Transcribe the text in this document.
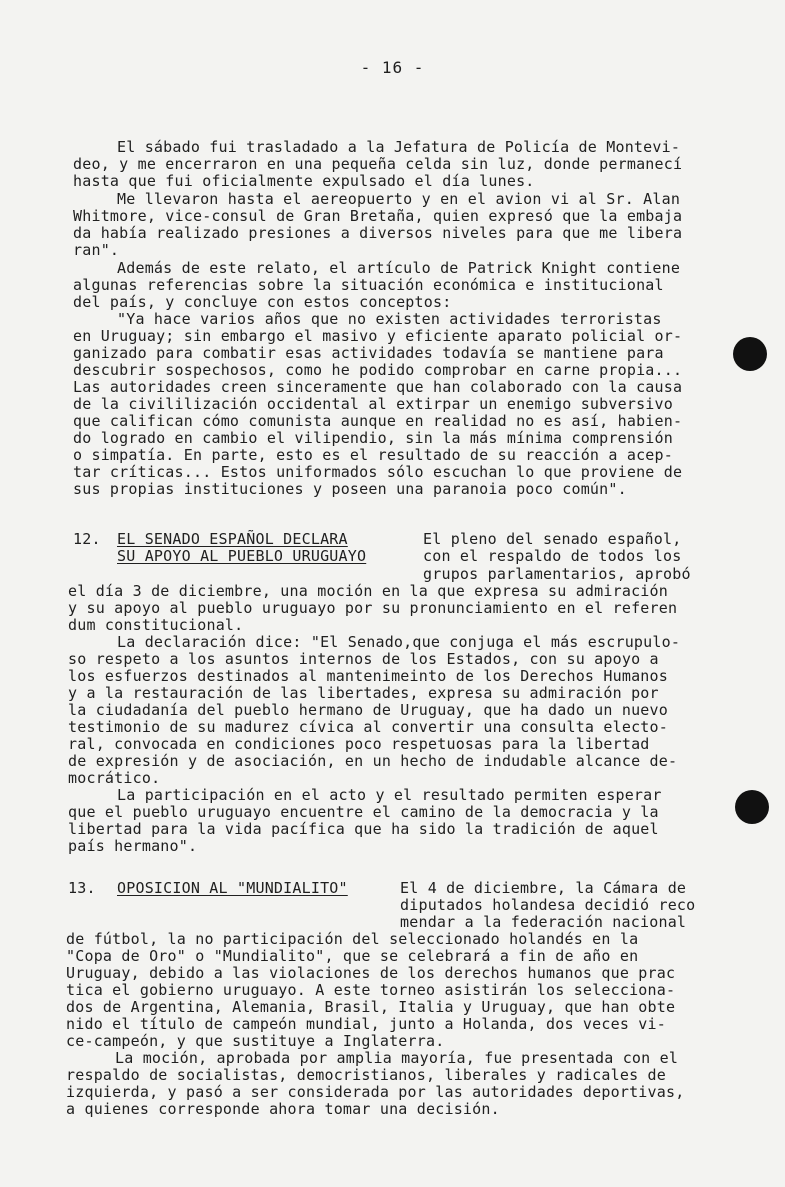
- 16 -
El sábado fui trasladado a la Jefatura de Policía de Montevi-
deo, y me encerraron en una pequeña celda sin luz, donde permanecí
hasta que fui oficialmente expulsado el día lunes.
Me llevaron hasta el aereopuerto y en el avion vi al Sr. Alan
Whitmore, vice-consul de Gran Bretaña, quien expresó que la embaja
da había realizado presiones a diversos niveles para que me libera
ran".
Además de este relato, el artículo de Patrick Knight contiene
algunas referencias sobre la situación económica e institucional
del país, y concluye con estos conceptos:
"Ya hace varios años que no existen actividades terroristas
en Uruguay; sin embargo el masivo y eficiente aparato policial or-
ganizado para combatir esas actividades todavía se mantiene para
descubrir sospechosos, como he podido comprobar en carne propia...
Las autoridades creen sinceramente que han colaborado con la causa
de la civililización occidental al extirpar un enemigo subversivo
que califican cómo comunista aunque en realidad no es así, habien-
do logrado en cambio el vilipendio, sin la más mínima comprensión
o simpatía. En parte, esto es el resultado de su reacción a acep-
tar críticas... Estos uniformados sólo escuchan lo que proviene de
sus propias instituciones y poseen una paranoia poco común".
12. EL SENADO ESPAÑOL DECLARA
SU APOYO AL PUEBLO URUGUAYO
El pleno del senado español,
con el respaldo de todos los
grupos parlamentarios, aprobó
el día 3 de diciembre, una moción en la que expresa su admiración
y su apoyo al pueblo uruguayo por su pronunciamiento en el referen
dum constitucional.
La declaración dice: "El Senado,que conjuga el más escrupulo-
so respeto a los asuntos internos de los Estados, con su apoyo a
los esfuerzos destinados al mantenimeinto de los Derechos Humanos
y a la restauración de las libertades, expresa su admiración por
la ciudadanía del pueblo hermano de Uruguay, que ha dado un nuevo
testimonio de su madurez cívica al convertir una consulta electo-
ral, convocada en condiciones poco respetuosas para la libertad
de expresión y de asociación, en un hecho de indudable alcance de-
mocrático.
La participación en el acto y el resultado permiten esperar
que el pueblo uruguayo encuentre el camino de la democracia y la
libertad para la vida pacífica que ha sido la tradición de aquel
país hermano".
13. OPOSICION AL "MUNDIALITO"	El 4 de diciembre, la Cámara de
diputados holandesa decidió reco
mendar a la federación nacional
de fútbol, la no participación del seleccionado holandés en la
"Copa de Oro" o "Mundialito", que se celebrará a fin de año en
Uruguay, debido a las violaciones de los derechos humanos que prac
tica el gobierno uruguayo. A este torneo asistirán los selecciona-
dos de Argentina, Alemania, Brasil, Italia y Uruguay, que han obte
nido el título de campeón mundial, junto a Holanda, dos veces vi-
ce-campeón, y que sustituye a Inglaterra.
La moción, aprobada por amplia mayoría, fue presentada con el
respaldo de socialistas, democristianos, liberales y radicales de
izquierda, y pasó a ser considerada por las autoridades deportivas,
a quienes corresponde ahora tomar una decisión.
